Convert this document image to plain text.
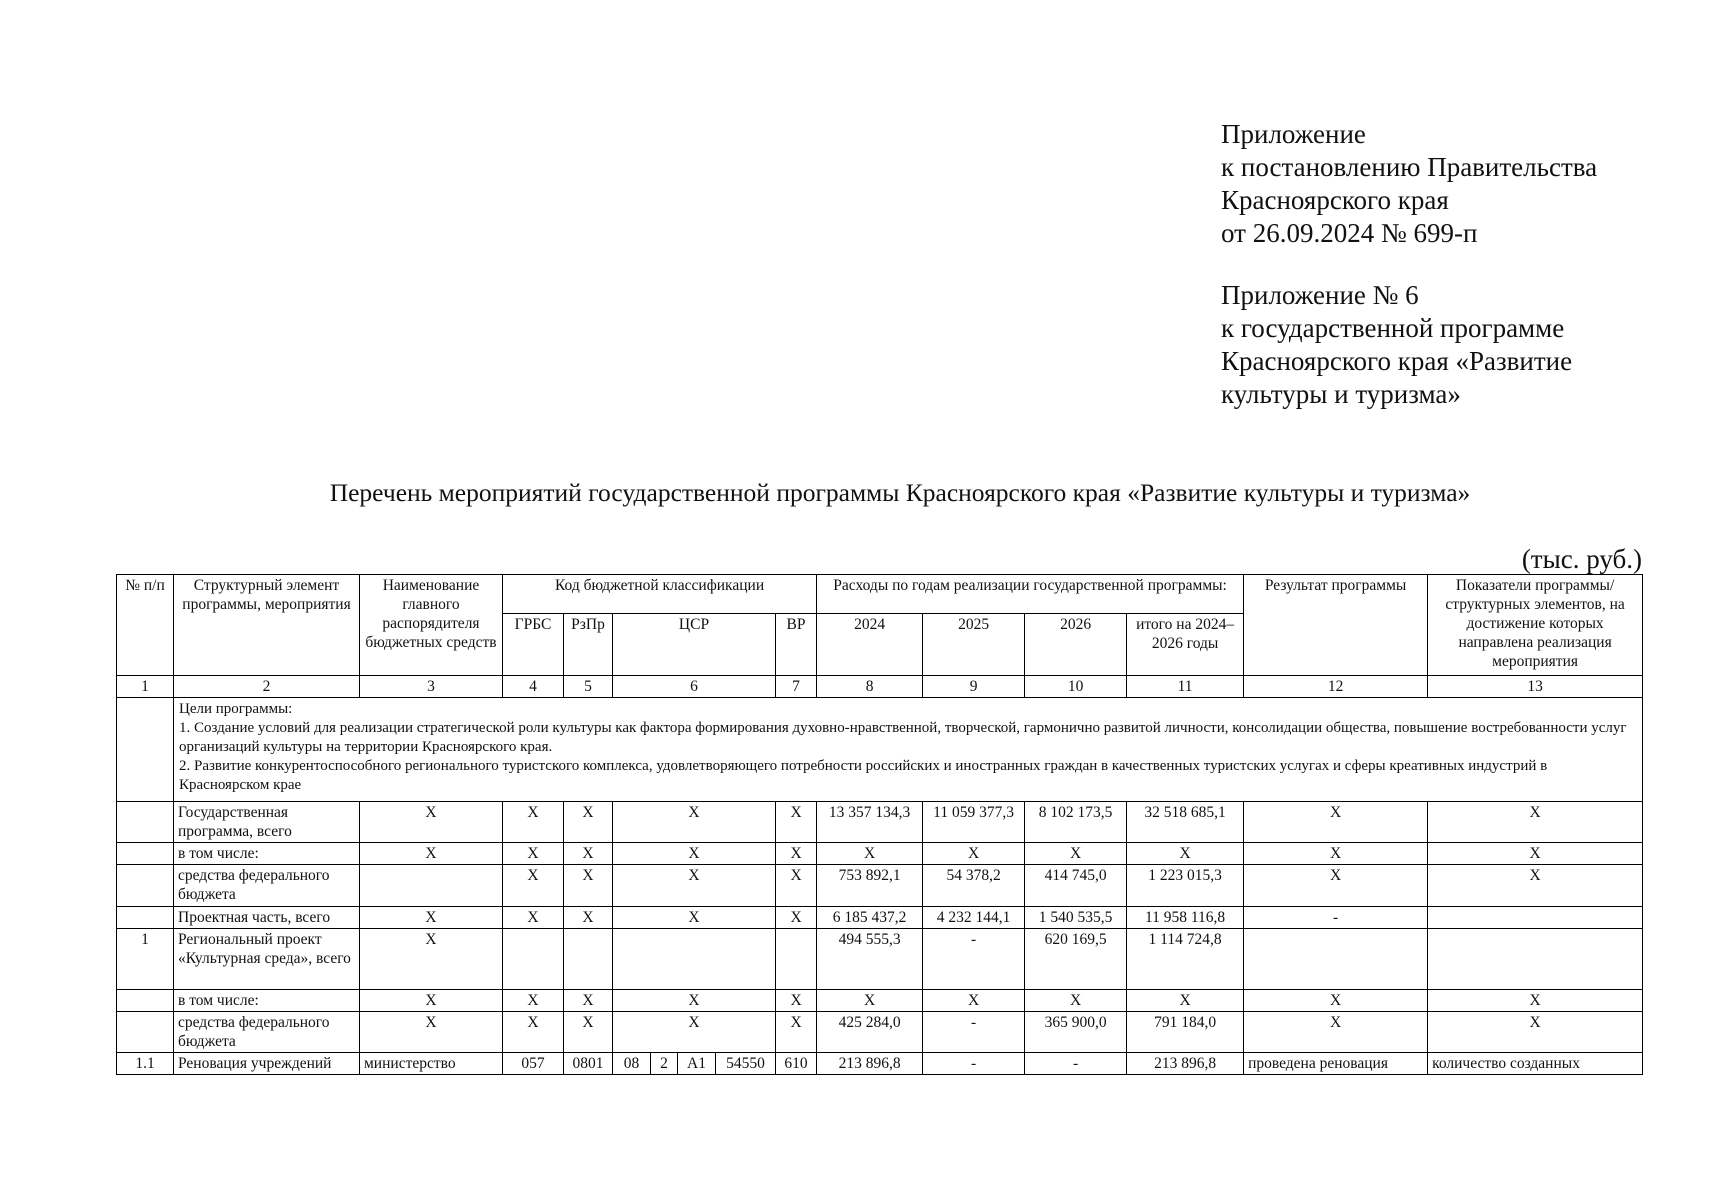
Приложение
к постановлению Правительства
Красноярского края
от 26.09.2024 № 699-п
Приложение № 6
к государственной программе
Красноярского края «Развитие
культуры и туризма»
Перечень мероприятий государственной программы Красноярского края «Развитие культуры и туризма»
(тыс. руб.)
№ п/п	Структурный элемент программы, мероприятия	Наименование главного распорядителя бюджетных средств	Код бюджетной классификации							Расходы по годам реализации государственной программы:				Результат программы	Показатели программы/ структурных элементов, на достижение которых направлена реализация мероприятия
			ГРБС	РзПр	ЦСР				ВР	2024	2025	2026	итого на 2024–2026 годы		
1	2	3	4	5	6				7	8	9	10	11	12	13

	Цели программы:
1. Создание условий для реализации стратегической роли культуры как фактора формирования духовно-нравственной, творческой, гармонично развитой личности, консолидации общества, повышение востребованности услуг организаций культуры на территории Красноярского края.
2. Развитие конкурентоспособного регионального туристского комплекса, удовлетворяющего потребности российских и иностранных граждан в качественных туристских услугах и сферы креативных индустрий в Красноярском крае														

	Государственная программа, всего	X	X	X	X				X	13 357 134,3	11 059 377,3	8 102 173,5	32 518 685,1	X	X
	в том числе:	X	X	X	X				X	X	X	X	X	X	X
	средства федерального бюджета		X	X	X				X	753 892,1	54 378,2	414 745,0	1 223 015,3	X	X
	Проектная часть, всего	X	X	X	X				X	6 185 437,2	4 232 144,1	1 540 535,5	11 958 116,8	-	
1	Региональный проект «Культурная среда», всего	X								494 555,3	-	620 169,5	1 114 724,8		
	в том числе:	X	X	X	X				X	X	X	X	X	X	X
	средства федерального бюджета	X	X	X	X				X	425 284,0	-	365 900,0	791 184,0	X	X
1.1	Реновация учреждений	министерство	057	0801	08	2	А1	54550	610	213 896,8	-	-	213 896,8	проведена реновация	количество созданных
